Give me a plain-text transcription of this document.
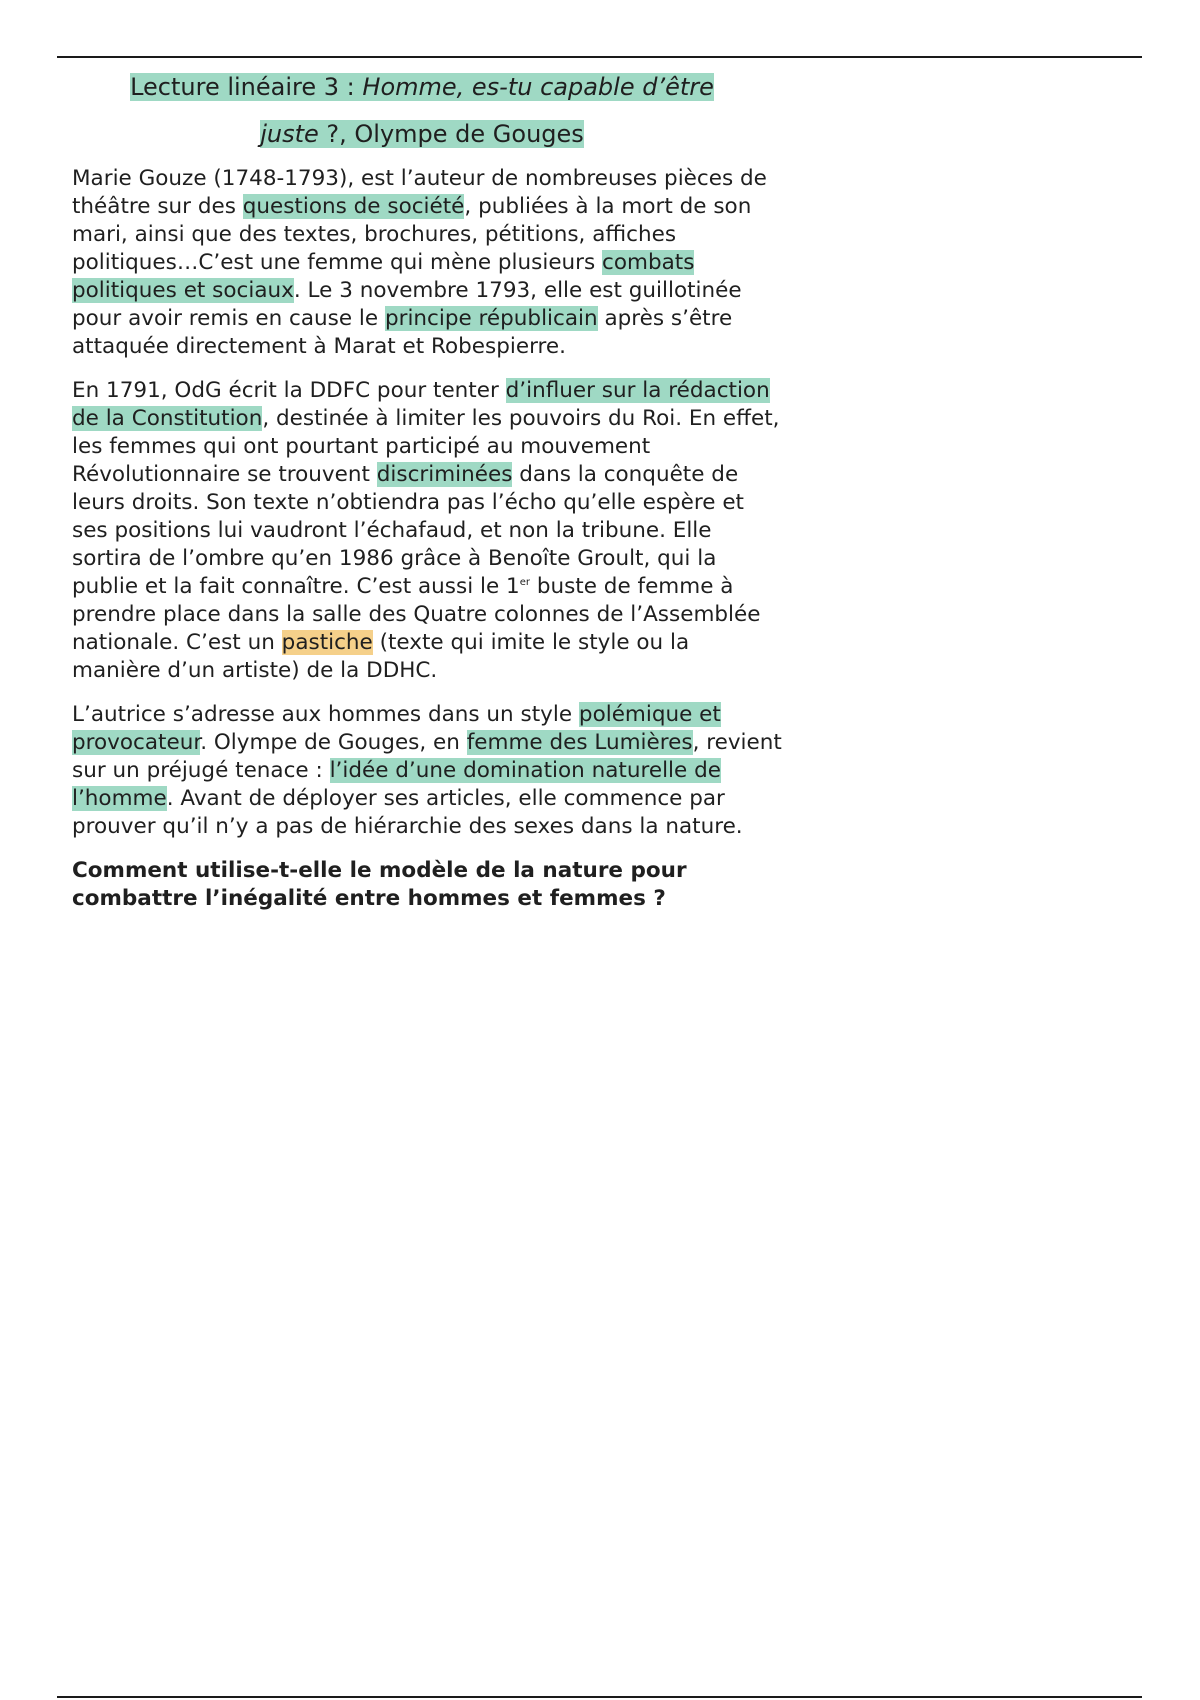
Lecture linéaire 3 : Homme, es-tu capable d’être
juste ?, Olympe de Gouges

Marie Gouze (1748-1793), est l’auteur de nombreuses pièces de théâtre sur des questions de société, publiées à la mort de son mari, ainsi que des textes, brochures, pétitions, affiches politiques…C’est une femme qui mène plusieurs combats politiques et sociaux. Le 3 novembre 1793, elle est guillotinée pour avoir remis en cause le principe républicain après s’être attaquée directement à Marat et Robespierre.

En 1791, OdG écrit la DDFC pour tenter d’influer sur la rédaction de la Constitution, destinée à limiter les pouvoirs du Roi. En effet, les femmes qui ont pourtant participé au mouvement Révolutionnaire se trouvent discriminées dans la conquête de leurs droits. Son texte n’obtiendra pas l’écho qu’elle espère et ses positions lui vaudront l’échafaud, et non la tribune. Elle sortira de l’ombre qu’en 1986 grâce à Benoîte Groult, qui la publie et la fait connaître. C’est aussi le 1er buste de femme à prendre place dans la salle des Quatre colonnes de l’Assemblée nationale. C’est un pastiche (texte qui imite le style ou la manière d’un artiste) de la DDHC.

L’autrice s’adresse aux hommes dans un style polémique et provocateur. Olympe de Gouges, en femme des Lumières, revient sur un préjugé tenace : l’idée d’une domination naturelle de l’homme. Avant de déployer ses articles, elle commence par prouver qu’il n’y a pas de hiérarchie des sexes dans la nature.

Comment utilise-t-elle le modèle de la nature pour combattre l’inégalité entre hommes et femmes ?
